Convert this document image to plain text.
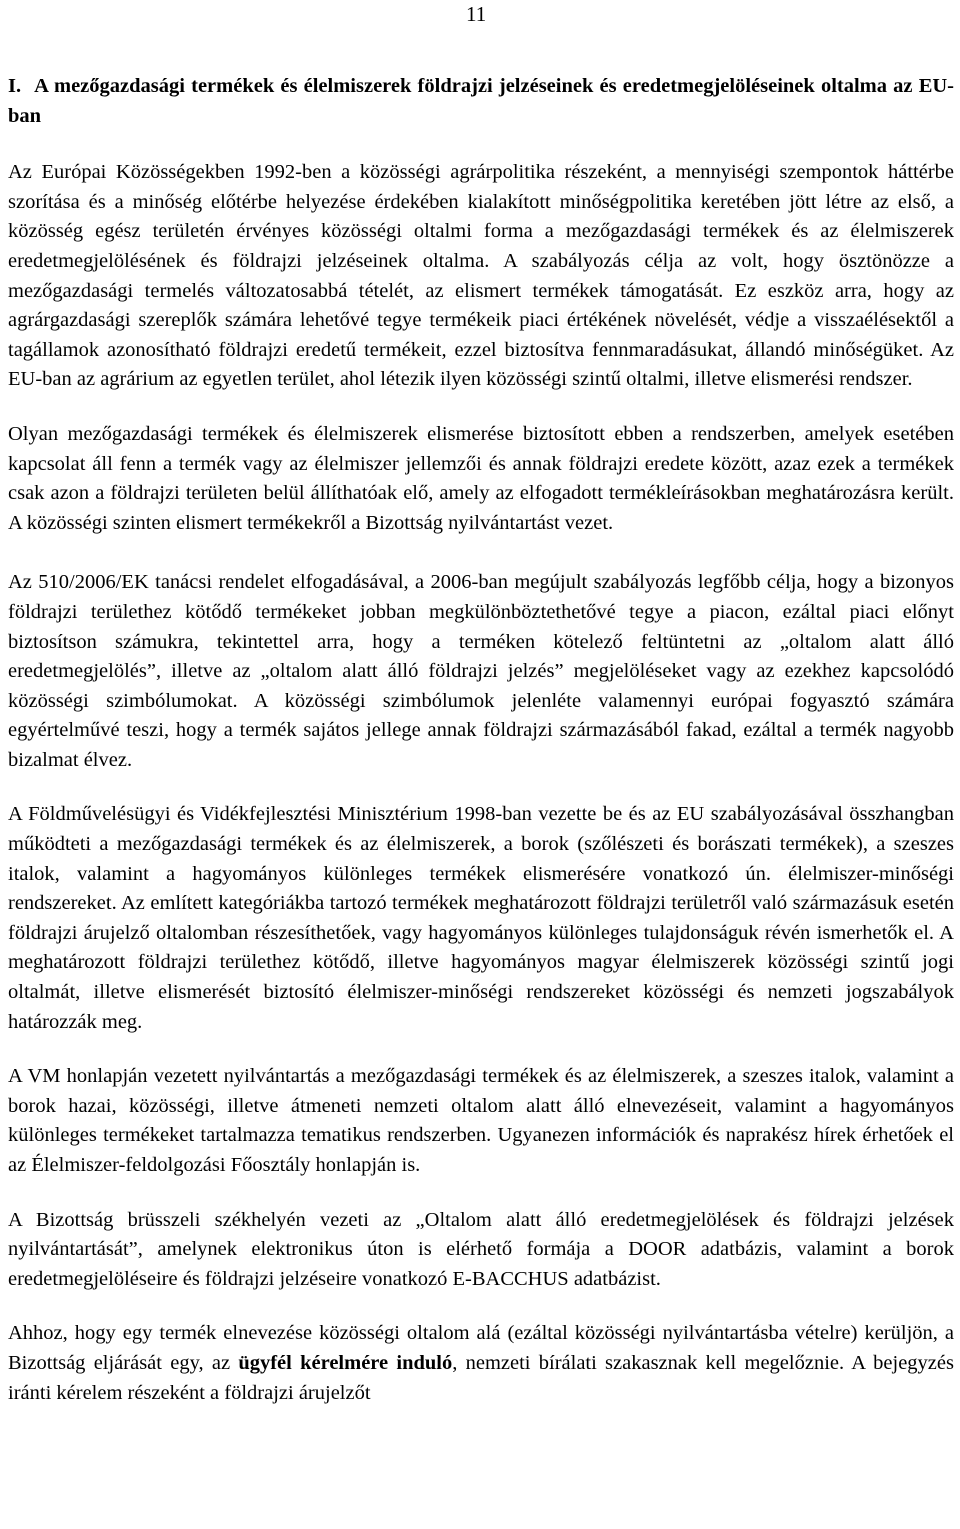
11
I. A mezőgazdasági termékek és élelmiszerek földrajzi jelzéseinek és eredetmegjelöléseinek oltalma az EU-ban

Az Európai Közösségekben 1992-ben a közösségi agrárpolitika részeként, a mennyiségi szempontok háttérbe szorítása és a minőség előtérbe helyezése érdekében kialakított minőségpolitika keretében jött létre az első, a közösség egész területén érvényes közösségi oltalmi forma a mezőgazdasági termékek és az élelmiszerek eredetmegjelölésének és földrajzi jelzéseinek oltalma. A szabályozás célja az volt, hogy ösztönözze a mezőgazdasági termelés változatosabbá tételét, az elismert termékek támogatását. Ez eszköz arra, hogy az agrárgazdasági szereplők számára lehetővé tegye termékeik piaci értékének növelését, védje a visszaélésektől a tagállamok azonosítható földrajzi eredetű termékeit, ezzel biztosítva fennmaradásukat, állandó minőségüket. Az EU-ban az agrárium az egyetlen terület, ahol létezik ilyen közösségi szintű oltalmi, illetve elismerési rendszer.

Olyan mezőgazdasági termékek és élelmiszerek elismerése biztosított ebben a rendszerben, amelyek esetében kapcsolat áll fenn a termék vagy az élelmiszer jellemzői és annak földrajzi eredete között, azaz ezek a termékek csak azon a földrajzi területen belül állíthatóak elő, amely az elfogadott termékleírásokban meghatározásra került. A közösségi szinten elismert termékekről a Bizottság nyilvántartást vezet.

Az 510/2006/EK tanácsi rendelet elfogadásával, a 2006-ban megújult szabályozás legfőbb célja, hogy a bizonyos földrajzi területhez kötődő termékeket jobban megkülönböztethetővé tegye a piacon, ezáltal piaci előnyt biztosítson számukra, tekintettel arra, hogy a terméken kötelező feltüntetni az „oltalom alatt álló eredetmegjelölés”, illetve az „oltalom alatt álló földrajzi jelzés” megjelöléseket vagy az ezekhez kapcsolódó közösségi szimbólumokat. A közösségi szimbólumok jelenléte valamennyi európai fogyasztó számára egyértelművé teszi, hogy a termék sajátos jellege annak földrajzi származásából fakad, ezáltal a termék nagyobb bizalmat élvez.

A Földművelésügyi és Vidékfejlesztési Minisztérium 1998-ban vezette be és az EU szabályozásával összhangban működteti a mezőgazdasági termékek és az élelmiszerek, a borok (szőlészeti és borászati termékek), a szeszes italok, valamint a hagyományos különleges termékek elismerésére vonatkozó ún. élelmiszer-minőségi rendszereket. Az említett kategóriákba tartozó termékek meghatározott földrajzi területről való származásuk esetén földrajzi árujelző oltalomban részesíthetőek, vagy hagyományos különleges tulajdonságuk révén ismerhetők el. A meghatározott földrajzi területhez kötődő, illetve hagyományos magyar élelmiszerek közösségi szintű jogi oltalmát, illetve elismerését biztosító élelmiszer-minőségi rendszereket közösségi és nemzeti jogszabályok határozzák meg.

A VM honlapján vezetett nyilvántartás a mezőgazdasági termékek és az élelmiszerek, a szeszes italok, valamint a borok hazai, közösségi, illetve átmeneti nemzeti oltalom alatt álló elnevezéseit, valamint a hagyományos különleges termékeket tartalmazza tematikus rendszerben. Ugyanezen információk és naprakész hírek érhetőek el az Élelmiszer-feldolgozási Főosztály honlapján is.

A Bizottság brüsszeli székhelyén vezeti az „Oltalom alatt álló eredetmegjelölések és földrajzi jelzések nyilvántartását”, amelynek elektronikus úton is elérhető formája a DOOR adatbázis, valamint a borok eredetmegjelöléseire és földrajzi jelzéseire vonatkozó E-BACCHUS adatbázist.

Ahhoz, hogy egy termék elnevezése közösségi oltalom alá (ezáltal közösségi nyilvántartásba vételre) kerüljön, a Bizottság eljárását egy, az ügyfél kérelmére induló, nemzeti bírálati szakasznak kell megelőznie. A bejegyzés iránti kérelem részeként a földrajzi árujelzőt
